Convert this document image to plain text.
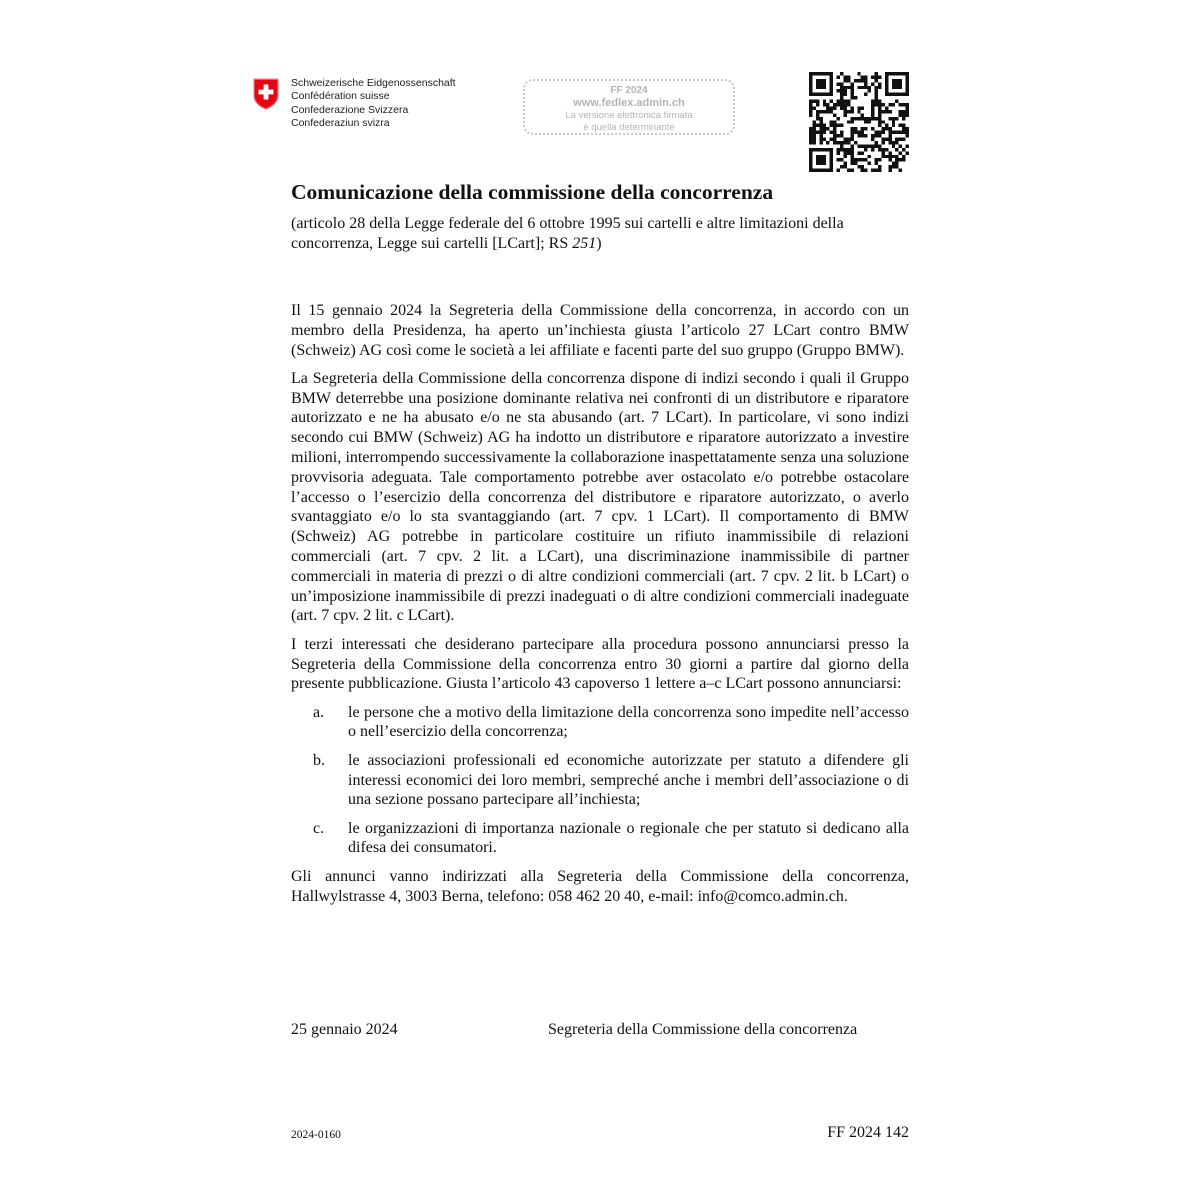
Schweizerische Eidgenossenschaft
Confédération suisse
Confederazione Svizzera
Confederaziun svizra
FF 2024
www.fedlex.admin.ch
La versione elettronica firmata
è quella determinante
Comunicazione della commissione della concorrenza
(articolo 28 della Legge federale del 6 ottobre 1995 sui cartelli e altre limitazioni della concorrenza, Legge sui cartelli [LCart]; RS 251)

Il 15 gennaio 2024 la Segreteria della Commissione della concorrenza, in accordo con un membro della Presidenza, ha aperto un’inchiesta giusta l’articolo 27 LCart contro BMW (Schweiz) AG così come le società a lei affiliate e facenti parte del suo gruppo (Gruppo BMW).

La Segreteria della Commissione della concorrenza dispone di indizi secondo i quali il Gruppo BMW deterrebbe una posizione dominante relativa nei confronti di un distributore e riparatore autorizzato e ne ha abusato e/o ne sta abusando (art. 7 LCart). In particolare, vi sono indizi secondo cui BMW (Schweiz) AG ha indotto un distributore e riparatore autorizzato a investire milioni, interrompendo successivamente la collaborazione inaspettatamente senza una soluzione provvisoria adeguata. Tale comportamento potrebbe aver ostacolato e/o potrebbe ostacolare l’accesso o l’esercizio della concorrenza del distributore e riparatore autorizzato, o averlo svantaggiato e/o lo sta svantaggiando (art. 7 cpv. 1 LCart). Il comportamento di BMW (Schweiz) AG potrebbe in particolare costituire un rifiuto inammissibile di relazioni commerciali (art. 7 cpv. 2 lit. a LCart), una discriminazione inammissibile di partner commerciali in materia di prezzi o di altre condizioni commerciali (art. 7 cpv. 2 lit. b LCart) o un’imposizione inammissibile di prezzi inadeguati o di altre condizioni commerciali inadeguate (art. 7 cpv. 2 lit. c LCart).

I terzi interessati che desiderano partecipare alla procedura possono annunciarsi presso la Segreteria della Commissione della concorrenza entro 30 giorni a partire dal giorno della presente pubblicazione. Giusta l’articolo 43 capoverso 1 lettere a–c LCart possono annunciarsi:

a.	le persone che a motivo della limitazione della concorrenza sono impedite nell’accesso o nell’esercizio della concorrenza;
b.	le associazioni professionali ed economiche autorizzate per statuto a difendere gli interessi economici dei loro membri, sempreché anche i membri dell’associazione o di una sezione possano partecipare all’inchiesta;
c.	le organizzazioni di importanza nazionale o regionale che per statuto si dedicano alla difesa dei consumatori.

Gli annunci vanno indirizzati alla Segreteria della Commissione della concorrenza, Hallwylstrasse 4, 3003 Berna, telefono: 058 462 20 40, e-mail: info@comco.admin.ch.

25 gennaio 2024	Segreteria della Commissione della concorrenza
2024-0160	FF 2024 142
